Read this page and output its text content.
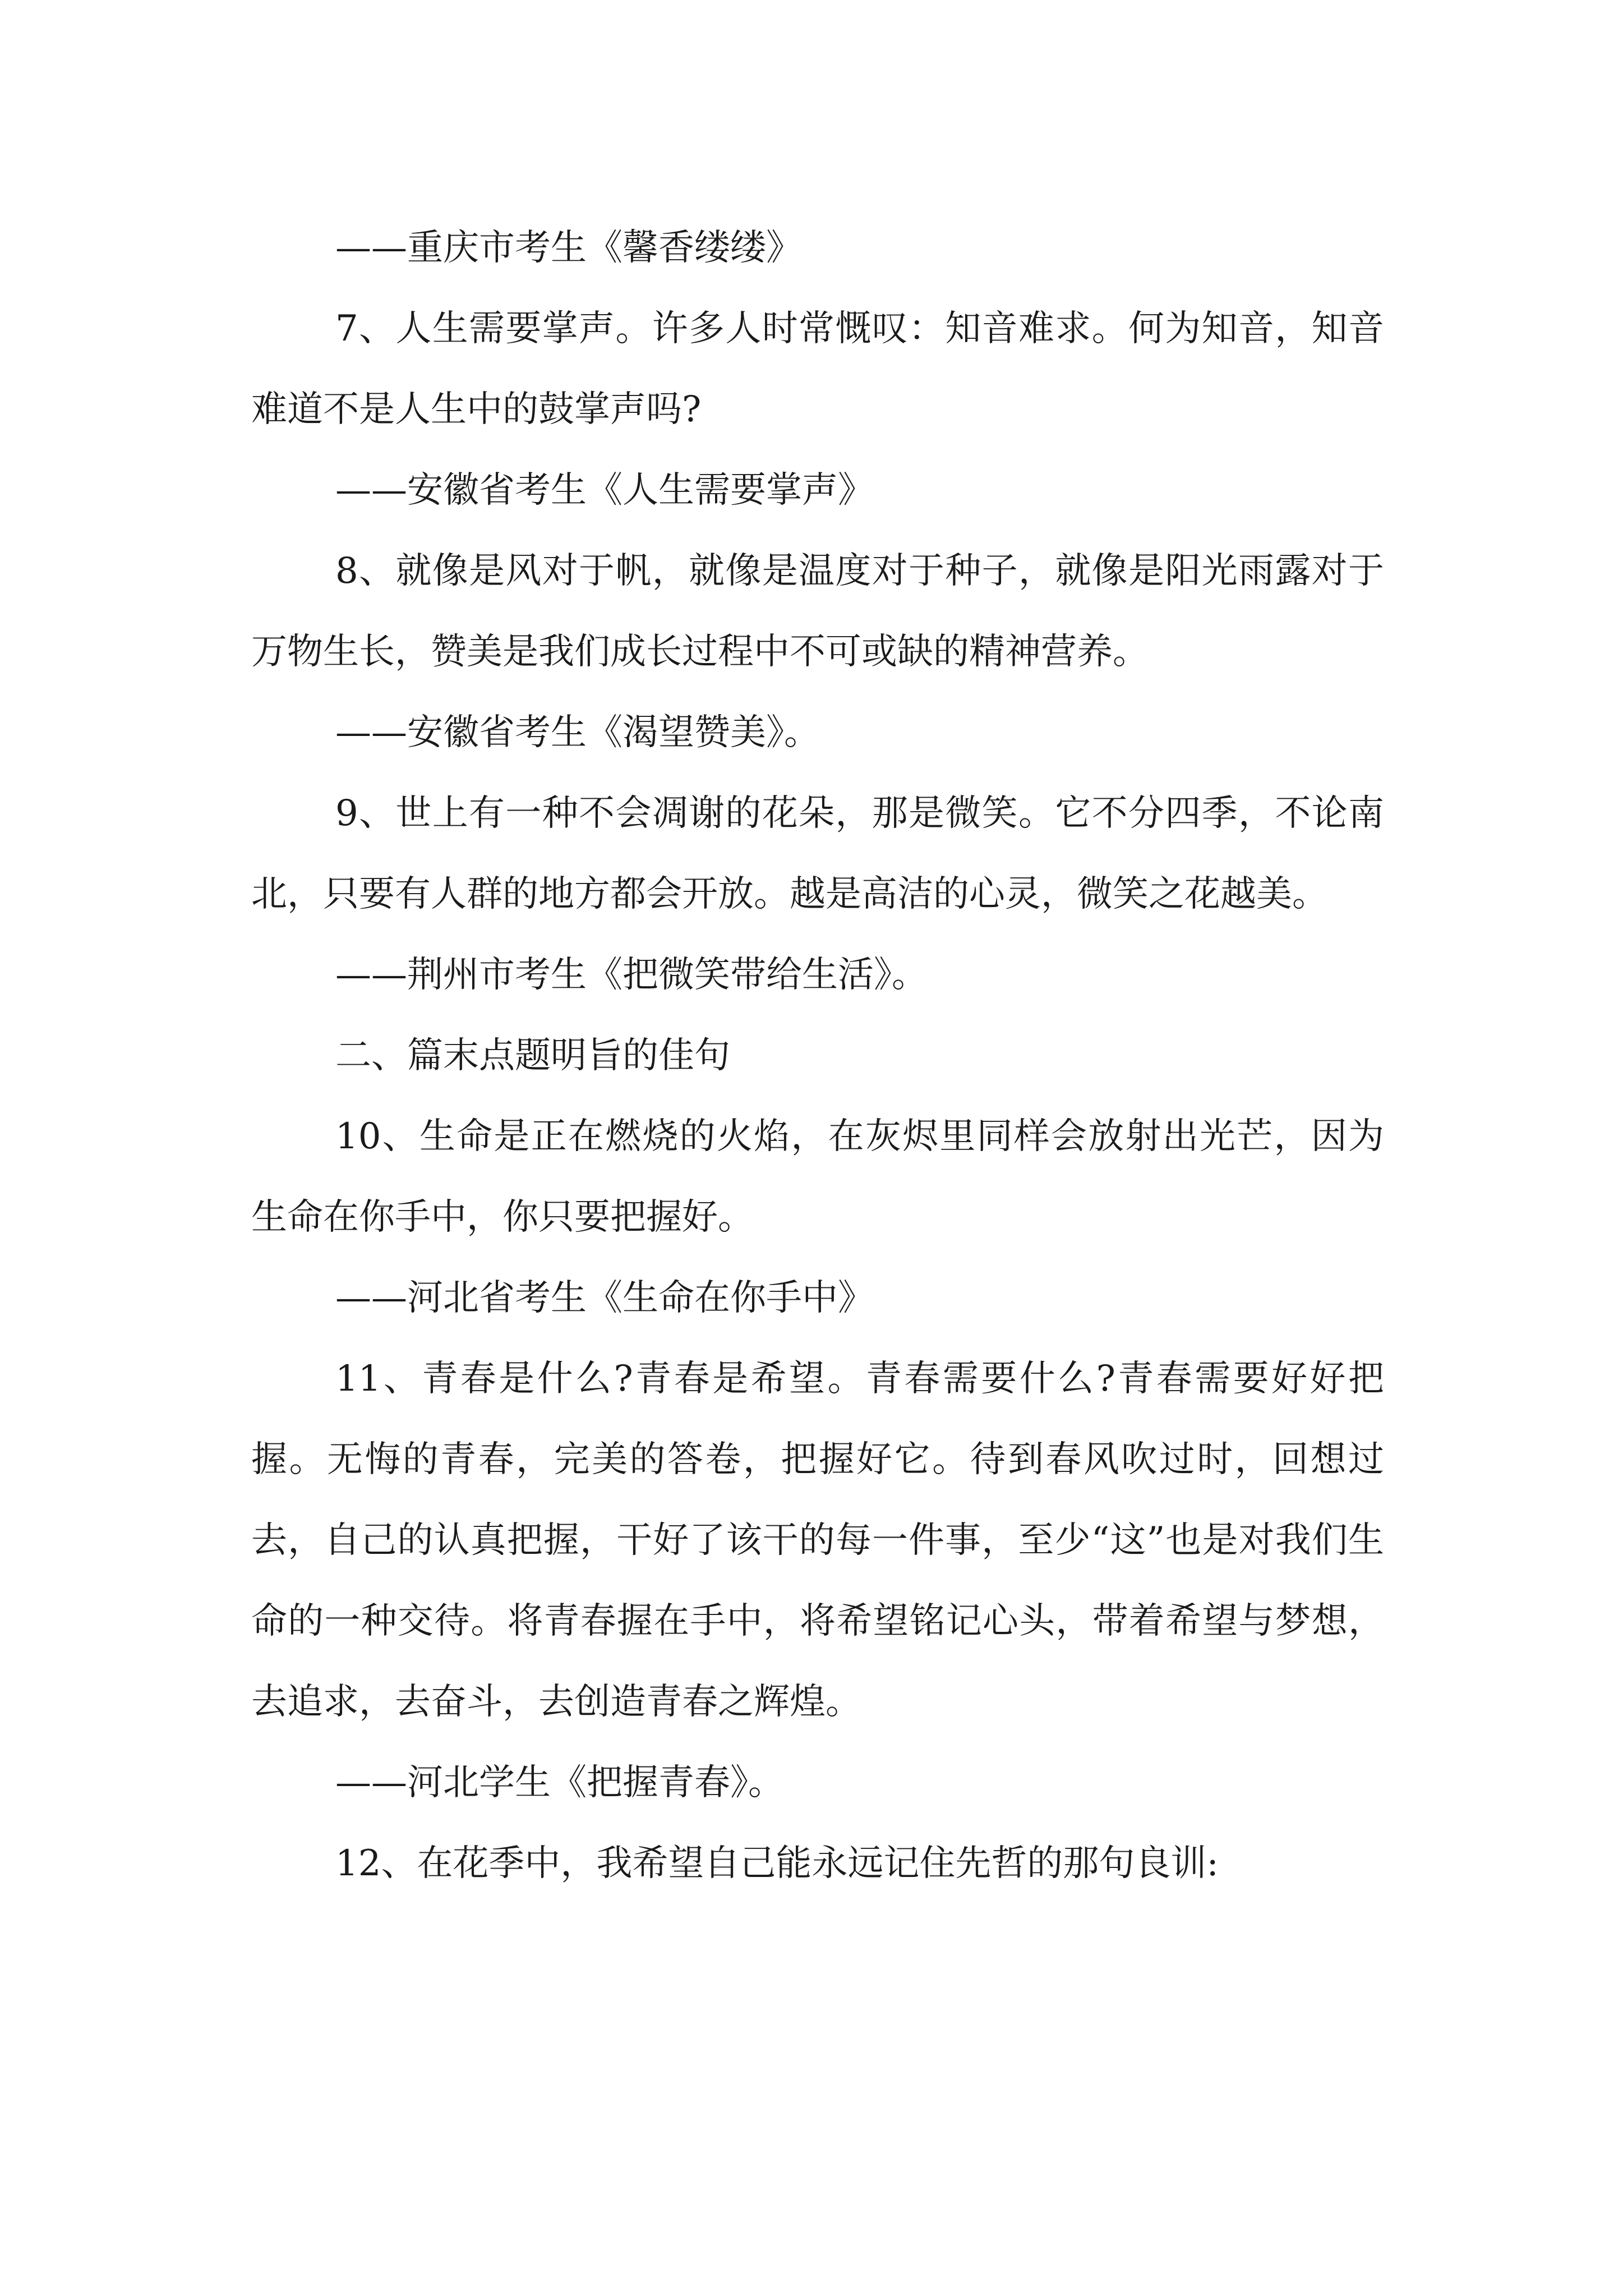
——重庆市考生《馨香缕缕》

7、人生需要掌声。许多人时常慨叹：知音难求。何为知音，知音难道不是人生中的鼓掌声吗?

——安徽省考生《人生需要掌声》

8、就像是风对于帆，就像是温度对于种子，就像是阳光雨露对于万物生长，赞美是我们成长过程中不可或缺的精神营养。

——安徽省考生《渴望赞美》。

9、世上有一种不会凋谢的花朵，那是微笑。它不分四季，不论南北，只要有人群的地方都会开放。越是高洁的心灵，微笑之花越美。

——荆州市考生《把微笑带给生活》。

二、篇末点题明旨的佳句

10、生命是正在燃烧的火焰，在灰烬里同样会放射出光芒，因为生命在你手中，你只要把握好。

——河北省考生《生命在你手中》

11、青春是什么?青春是希望。青春需要什么?青春需要好好把握。无悔的青春，完美的答卷，把握好它。待到春风吹过时，回想过去，自己的认真把握，干好了该干的每一件事，至少“这”也是对我们生命的一种交待。将青春握在手中，将希望铭记心头，带着希望与梦想，去追求，去奋斗，去创造青春之辉煌。

——河北学生《把握青春》。

12、在花季中，我希望自己能永远记住先哲的那句良训:
